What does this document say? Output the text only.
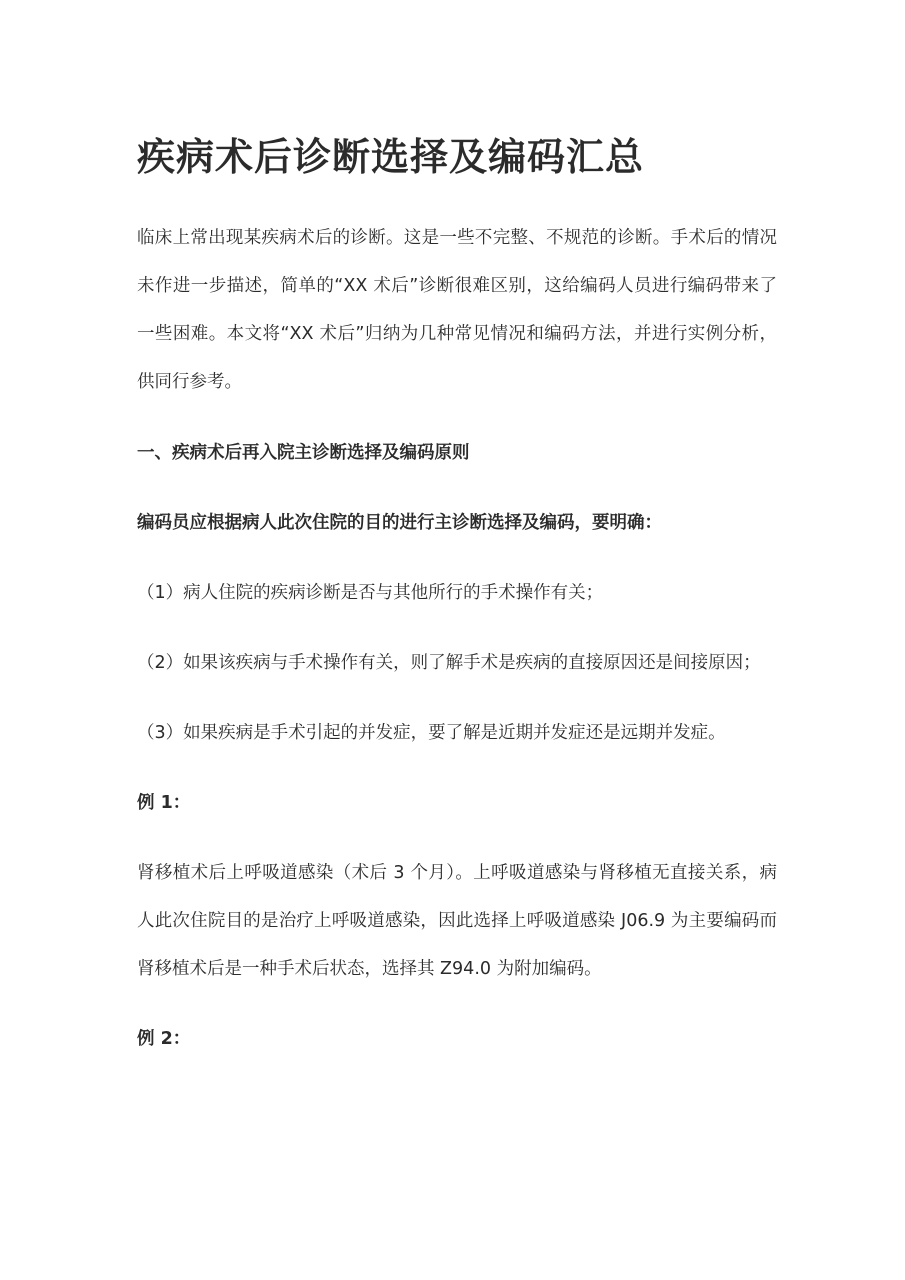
疾病术后诊断选择及编码汇总

临床上常出现某疾病术后的诊断。这是一些不完整、不规范的诊断。手术后的情况未作进一步描述，简单的“XX 术后”诊断很难区别，这给编码人员进行编码带来了一些困难。本文将“XX 术后”归纳为几种常见情况和编码方法，并进行实例分析，供同行参考。

一、疾病术后再入院主诊断选择及编码原则

编码员应根据病人此次住院的目的进行主诊断选择及编码，要明确：

（1）病人住院的疾病诊断是否与其他所行的手术操作有关；

（2）如果该疾病与手术操作有关，则了解手术是疾病的直接原因还是间接原因；

（3）如果疾病是手术引起的并发症，要了解是近期并发症还是远期并发症。

例 1：

肾移植术后上呼吸道感染（术后 3 个月）。上呼吸道感染与肾移植无直接关系，病人此次住院目的是治疗上呼吸道感染，因此选择上呼吸道感染 J06.9 为主要编码而肾移植术后是一种手术后状态，选择其 Z94.0 为附加编码。

例 2：
